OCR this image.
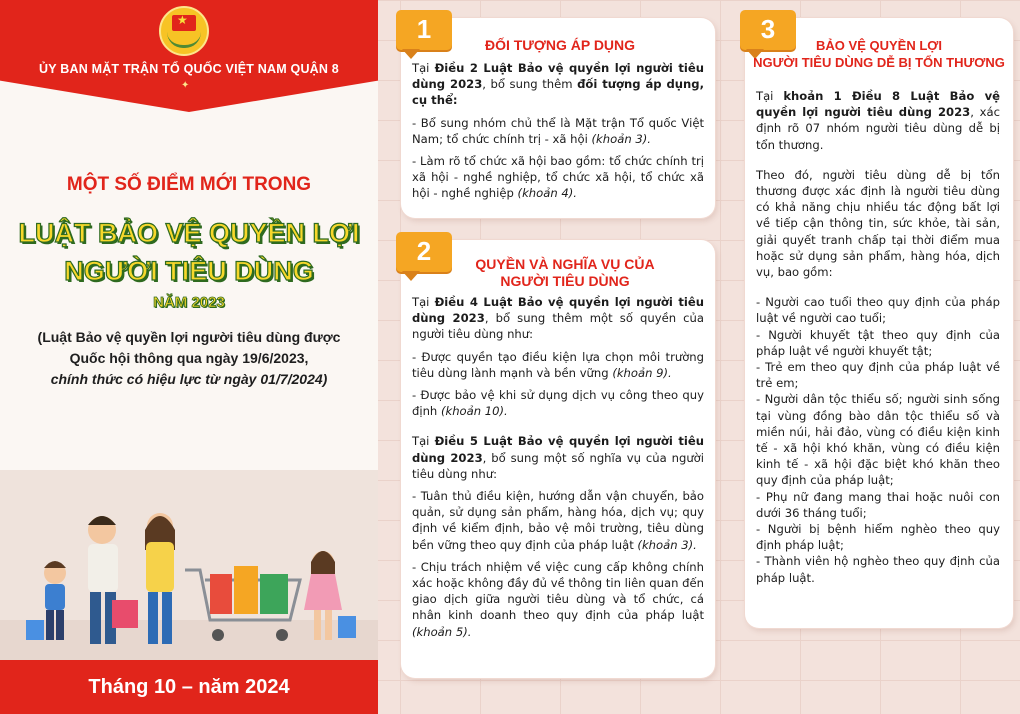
★
ỦY BAN MẶT TRẬN TỔ QUỐC VIỆT NAM QUẬN 8
✦
MỘT SỐ ĐIỂM MỚI TRONG
LUẬT BẢO VỆ QUYỀN LỢI
NGƯỜI TIÊU DÙNG
NĂM 2023
(Luật Bảo vệ quyền lợi người tiêu dùng được
Quốc hội thông qua ngày 19/6/2023,
chính thức có hiệu lực từ ngày 01/7/2024)
Tháng 10 – năm 2024
1
ĐỐI TƯỢNG ÁP DỤNG

Tại Điều 2 Luật Bảo vệ quyền lợi người tiêu dùng 2023, bổ sung thêm đối tượng áp dụng, cụ thể:

- Bổ sung nhóm chủ thể là Mặt trận Tổ quốc Việt Nam; tổ chức chính trị - xã hội (khoản 3).

- Làm rõ tổ chức xã hội bao gồm: tổ chức chính trị xã hội - nghề nghiệp, tổ chức xã hội, tổ chức xã hội - nghề nghiệp (khoản 4).

2	QUYỀN VÀ NGHĨA VỤ CỦA
NGƯỜI TIÊU DÙNG

Tại Điều 4 Luật Bảo vệ quyền lợi người tiêu dùng 2023, bổ sung thêm một số quyền của người tiêu dùng như:

- Được quyền tạo điều kiện lựa chọn môi trường tiêu dùng lành mạnh và bền vững (khoản 9).

- Được bảo vệ khi sử dụng dịch vụ công theo quy định (khoản 10).

Tại Điều 5 Luật Bảo vệ quyền lợi người tiêu dùng 2023, bổ sung một số nghĩa vụ của người tiêu dùng như:

- Tuân thủ điều kiện, hướng dẫn vận chuyển, bảo quản, sử dụng sản phẩm, hàng hóa, dịch vụ; quy định về kiểm định, bảo vệ môi trường, tiêu dùng bền vững theo quy định của pháp luật (khoản 3).

- Chịu trách nhiệm về việc cung cấp không chính xác hoặc không đầy đủ về thông tin liên quan đến giao dịch giữa người tiêu dùng và tổ chức, cá nhân kinh doanh theo quy định của pháp luật (khoản 5).

3
BẢO VỆ QUYỀN LỢI
NGƯỜI TIÊU DÙNG DỄ BỊ TỔN THƯƠNG

Tại khoản 1 Điều 8 Luật Bảo vệ quyền lợi người tiêu dùng 2023, xác định rõ 07 nhóm người tiêu dùng dễ bị tổn thương.

Theo đó, người tiêu dùng dễ bị tổn thương được xác định là người tiêu dùng có khả năng chịu nhiều tác động bất lợi về tiếp cận thông tin, sức khỏe, tài sản, giải quyết tranh chấp tại thời điểm mua hoặc sử dụng sản phẩm, hàng hóa, dịch vụ, bao gồm:

- Người cao tuổi theo quy định của pháp luật về người cao tuổi;

- Người khuyết tật theo quy định của pháp luật về người khuyết tật;

- Trẻ em theo quy định của pháp luật về trẻ em;

- Người dân tộc thiểu số; người sinh sống tại vùng đồng bào dân tộc thiểu số và miền núi, hải đảo, vùng có điều kiện kinh tế - xã hội khó khăn, vùng có điều kiện kinh tế - xã hội đặc biệt khó khăn theo quy định của pháp luật;

- Phụ nữ đang mang thai hoặc nuôi con dưới 36 tháng tuổi;

- Người bị bệnh hiểm nghèo theo quy định pháp luật;

- Thành viên hộ nghèo theo quy định của pháp luật.
